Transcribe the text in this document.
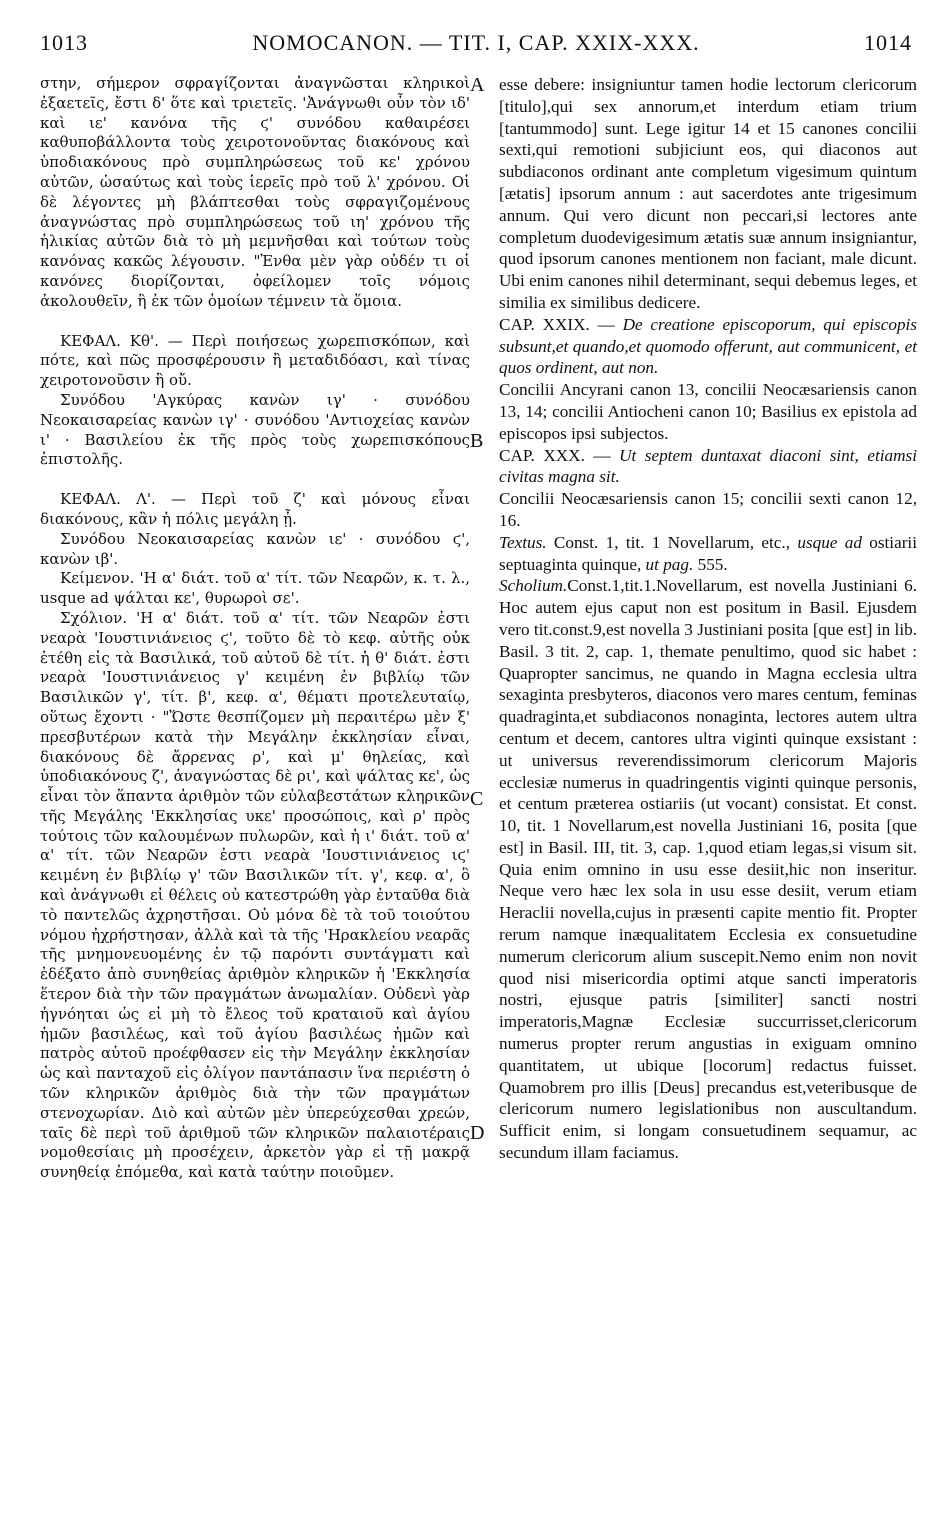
1013	NOMOCANON. — TIT. I, CAP. XXIX-XXX.	1014
A
B
C
D

στην, σήμερον σφραγίζονται ἀναγνῶσται κληρικοὶ ἐξαετεῖς, ἔστι δ' ὅτε καὶ τριετεῖς. 'Ἀνάγνωθι οὖν τὸν ιδ' καὶ ιε' κανόνα τῆς ϛ' συνόδου καθαιρέσει καθυποβάλλοντα τοὺς χειροτονοῦντας διακόνους καὶ ὑποδιακόνους πρὸ συμπληρώσεως τοῦ κε' χρόνου αὐτῶν, ὡσαύτως καὶ τοὺς ἱερεῖς πρὸ τοῦ λ' χρόνου. Οἱ δὲ λέγοντες μὴ βλάπτεσθαι τοὺς σφραγιζομένους ἀναγνώστας πρὸ συμπληρώσεως τοῦ ιη' χρόνου τῆς ἡλικίας αὐτῶν διὰ τὸ μὴ μεμνῆσθαι καὶ τούτων τοὺς κανόνας κακῶς λέγουσιν. "Ἐνθα μὲν γὰρ οὐδέν τι οἱ κανόνες διορίζονται, ὀφείλομεν τοῖς νόμοις ἀκολουθεῖν, ἢ ἐκ τῶν ὁμοίων τέμνειν τὰ ὅμοια.

ΚΕΦΑΛ. Κθ'. — Περὶ ποιήσεως χωρεπισκόπων, καὶ πότε, καὶ πῶς προσφέρουσιν ἢ μεταδιδόασι, καὶ τίνας χειροτονοῦσιν ἢ οὔ.

Συνόδου 'Αγκύρας κανὼν ιγ' · συνόδου Νεοκαισαρείας κανὼν ιγ' · συνόδου 'Αντιοχείας κανὼν ι' · Βασιλείου ἐκ τῆς πρὸς τοὺς χωρεπισκόπους ἐπιστολῆς.

ΚΕΦΑΛ. Λ'. — Περὶ τοῦ ζ' καὶ μόνους εἶναι διακόνους, κἂν ἡ πόλις μεγάλη ᾖ.

Συνόδου Νεοκαισαρείας κανὼν ιε' · συνόδου ϛ', κανὼν ιβ'.

Κείμενον. 'Η α' διάτ. τοῦ α' τίτ. τῶν Νεαρῶν, κ. τ. λ., usque ad ψάλται κε', θυρωροὶ σε'.

Σχόλιον. 'Η α' διάτ. τοῦ α' τίτ. τῶν Νεαρῶν ἐστι νεαρὰ 'Ιουστινιάνειος ϛ', τοῦτο δὲ τὸ κεφ. αὐτῆς οὐκ ἐτέθη εἰς τὰ Βασιλικά, τοῦ αὐτοῦ δὲ τίτ. ἡ θ' διάτ. ἐστι νεαρὰ 'Ιουστινιάνειος γ' κειμένη ἐν βιβλίῳ τῶν Βασιλικῶν γ', τίτ. β', κεφ. α', θέματι προτελευταίῳ, οὕτως ἔχοντι · "Ὥστε θεσπίζομεν μὴ περαιτέρω μὲν ξ' πρεσβυτέρων κατὰ τὴν Μεγάλην ἐκκλησίαν εἶναι, διακόνους δὲ ἄρρενας ρ', καὶ μ' θηλείας, καὶ ὑποδιακόνους ζ', ἀναγνώστας δὲ ρι', καὶ ψάλτας κε', ὡς εἶναι τὸν ἅπαντα ἀριθμὸν τῶν εὐλαβεστάτων κληρικῶν τῆς Μεγάλης 'Εκκλησίας υκε' προσώποις, καὶ ρ' πρὸς τούτοις τῶν καλουμένων πυλωρῶν, καὶ ἡ ι' διάτ. τοῦ α' α' τίτ. τῶν Νεαρῶν ἐστι νεαρὰ 'Ιουστινιάνειος ιϛ' κειμένη ἐν βιβλίῳ γ' τῶν Βασιλικῶν τίτ. γ', κεφ. α', ὃ καὶ ἀνάγνωθι εἰ θέλεις οὐ κατεστρώθη γὰρ ἐνταῦθα διὰ τὸ παντελῶς ἀχρηστῆσαι. Οὐ μόνα δὲ τὰ τοῦ τοιούτου νόμου ἠχρήστησαν, ἀλλὰ καὶ τὰ τῆς 'Ηρακλείου νεαρᾶς τῆς μνημονευομένης ἐν τῷ παρόντι συντάγματι καὶ ἐδέξατο ἀπὸ συνηθείας ἀριθμὸν κληρικῶν ἡ 'Εκκλησία ἕτερον διὰ τὴν τῶν πραγμάτων ἀνωμαλίαν. Οὐδενὶ γὰρ ἠγνόηται ὡς εἰ μὴ τὸ ἔλεος τοῦ κραταιοῦ καὶ ἁγίου ἡμῶν βασιλέως, καὶ τοῦ ἁγίου βασιλέως ἡμῶν καὶ πατρὸς αὐτοῦ προέφθασεν εἰς τὴν Μεγάλην ἐκκλησίαν ὡς καὶ πανταχοῦ εἰς ὀλίγον παντάπασιν ἵνα περιέστη ὁ τῶν κληρικῶν ἀριθμὸς διὰ τὴν τῶν πραγμάτων στενοχωρίαν. Διὸ καὶ αὐτῶν μὲν ὑπερεύχεσθαι χρεών, ταῖς δὲ περὶ τοῦ ἀριθμοῦ τῶν κληρικῶν παλαιοτέραις νομοθεσίαις μὴ προσέχειν, ἀρκετὸν γὰρ εἰ τῇ μακρᾷ συνηθείᾳ ἑπόμεθα, καὶ κατὰ ταύτην ποιοῦμεν.

esse debere: insigniuntur tamen hodie lectorum clericorum [titulo],qui sex annorum,et interdum etiam trium [tantummodo] sunt. Lege igitur 14 et 15 canones concilii sexti,qui remotioni subjiciunt eos, qui diaconos aut subdiaconos ordinant ante completum vigesimum quintum [ætatis] ipsorum annum : aut sacerdotes ante trigesimum annum. Qui vero dicunt non peccari,si lectores ante completum duodevigesimum ætatis suæ annum insigniantur, quod ipsorum canones mentionem non faciant, male dicunt. Ubi enim canones nihil determinant, sequi debemus leges, et similia ex similibus dedicere.

CAP. XXIX. — De creatione episcoporum, qui episcopis subsunt,et quando,et quomodo offerunt, aut communicent, et quos ordinent, aut non.

Concilii Ancyrani canon 13, concilii Neocæsariensis canon 13, 14; concilii Antiocheni canon 10; Basilius ex epistola ad episcopos ipsi subjectos.

CAP. XXX. — Ut septem duntaxat diaconi sint, etiamsi civitas magna sit.

Concilii Neocæsariensis canon 15; concilii sexti canon 12, 16.

Textus. Const. 1, tit. 1 Novellarum, etc., usque ad ostiarii septuaginta quinque, ut pag. 555.

Scholium.Const.1,tit.1.Novellarum, est novella Justiniani 6. Hoc autem ejus caput non est positum in Basil. Ejusdem vero tit.const.9,est novella 3 Justiniani posita [que est] in lib. Basil. 3 tit. 2, cap. 1, themate penultimo, quod sic habet : Quapropter sancimus, ne quando in Magna ecclesia ultra sexaginta presbyteros, diaconos vero mares centum, feminas quadraginta,et subdiaconos nonaginta, lectores autem ultra centum et decem, cantores ultra viginti quinque exsistant : ut universus reverendissimorum clericorum Majoris ecclesiæ numerus in quadringentis viginti quinque personis, et centum præterea ostiariis (ut vocant) consistat. Et const. 10, tit. 1 Novellarum,est novella Justiniani 16, posita [que est] in Basil. III, tit. 3, cap. 1,quod etiam legas,si visum sit. Quia enim omnino in usu esse desiit,hic non inseritur. Neque vero hæc lex sola in usu esse desiit, verum etiam Heraclii novella,cujus in præsenti capite mentio fit. Propter rerum namque inæqualitatem Ecclesia ex consuetudine numerum clericorum alium suscepit.Nemo enim non novit quod nisi misericordia optimi atque sancti imperatoris nostri, ejusque patris [similiter] sancti nostri imperatoris,Magnæ Ecclesiæ succurrisset,clericorum numerus propter rerum angustias in exiguam omnino quantitatem, ut ubique [locorum] redactus fuisset. Quamobrem pro illis [Deus] precandus est,veteribusque de clericorum numero legislationibus non auscultandum. Sufficit enim, si longam consuetudinem sequamur, ac secundum illam faciamus.
